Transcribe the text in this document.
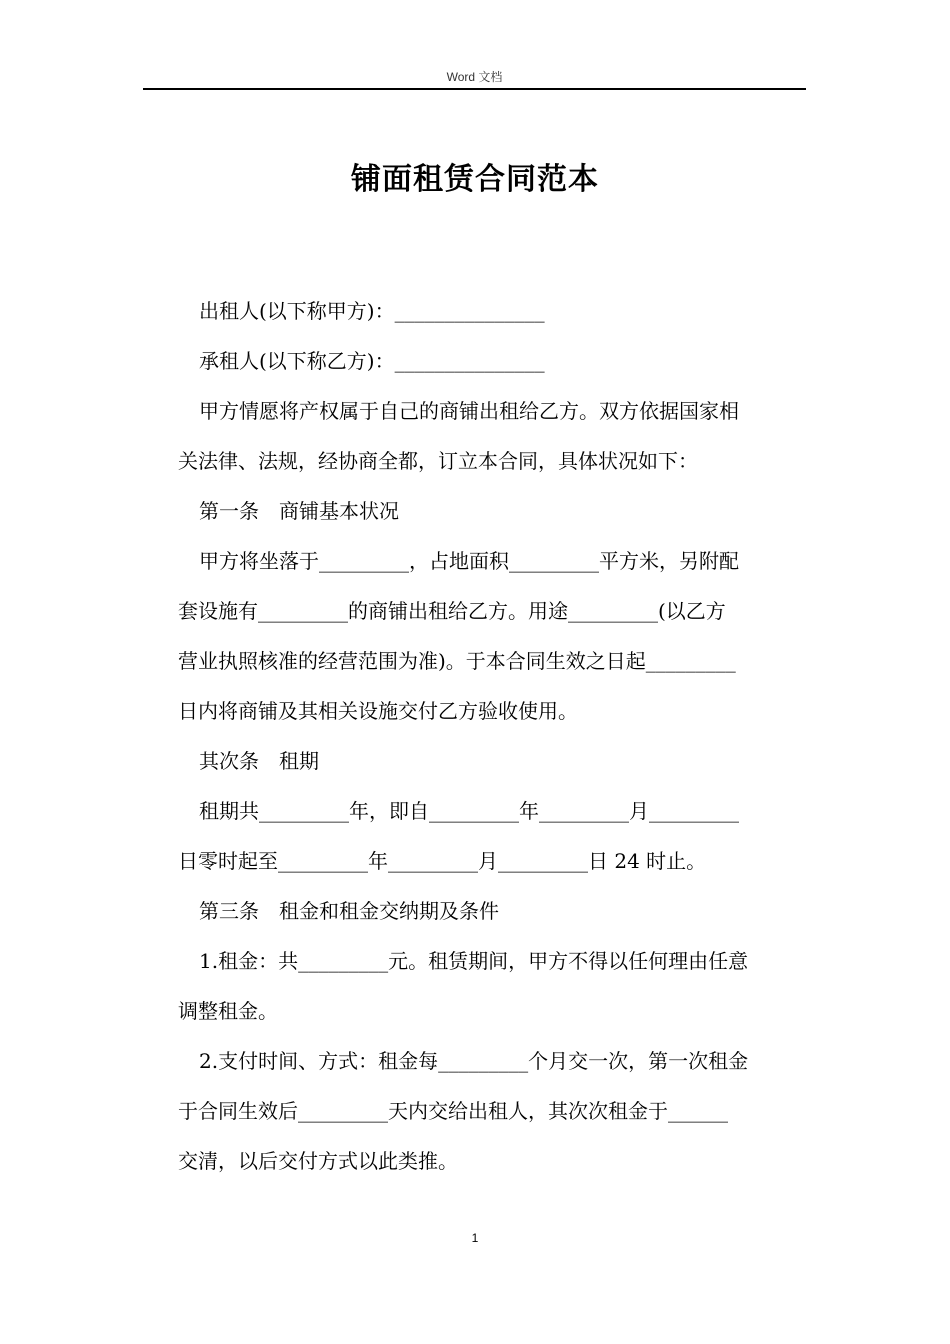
Word 文档
铺面租赁合同范本

出租人(以下称甲方)：_______________

承租人(以下称乙方)：_______________

甲方情愿将产权属于自己的商铺出租给乙方。双方依据国家相
关法律、法规，经协商全都，订立本合同，具体状况如下：

第一条　商铺基本状况

甲方将坐落于_________，占地面积_________平方米，另附配
套设施有_________的商铺出租给乙方。用途_________(以乙方
营业执照核准的经营范围为准)。于本合同生效之日起_________
日内将商铺及其相关设施交付乙方验收使用。

其次条　租期

租期共_________年，即自_________年_________月_________
日零时起至_________年_________月_________日 24 时止。

第三条　租金和租金交纳期及条件

1.租金：共_________元。租赁期间，甲方不得以任何理由任意
调整租金。

2.支付时间、方式：租金每_________个月交一次，第一次租金
于合同生效后_________天内交给出租人，其次次租金于______
交清，以后交付方式以此类推。

1
